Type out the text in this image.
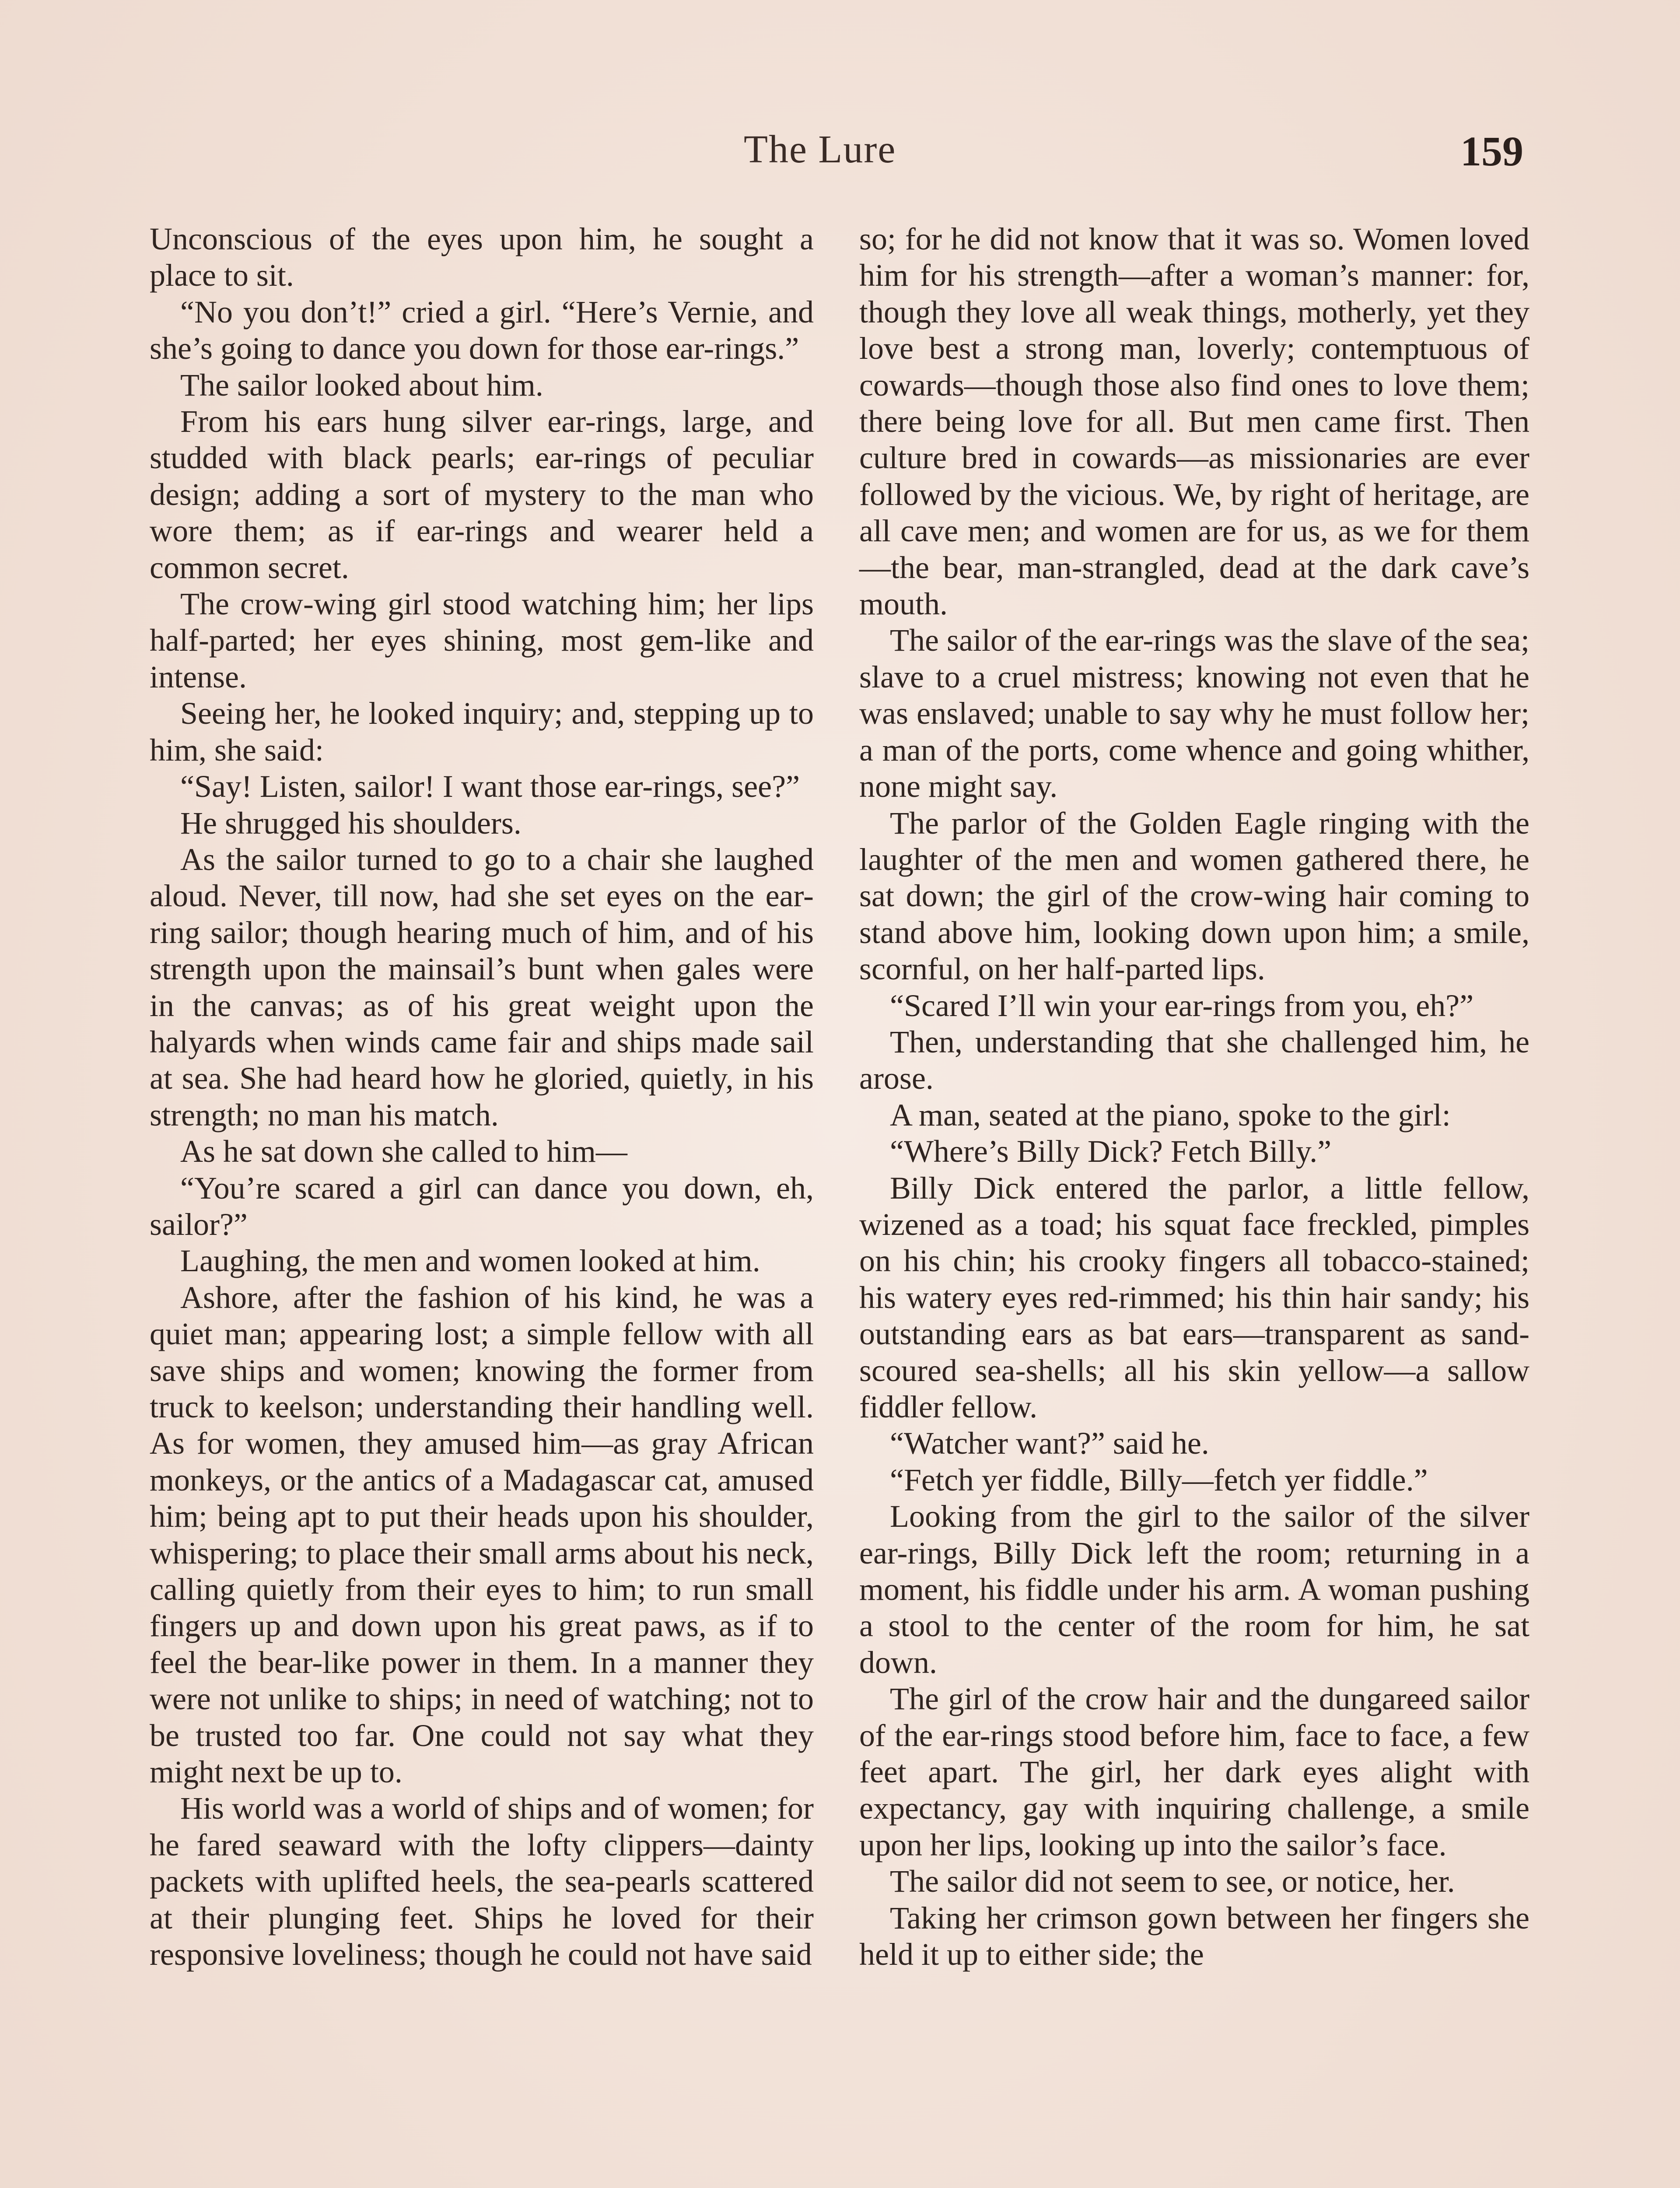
The Lure	159

Unconscious of the eyes upon him, he sought a place to sit.

“No you don’t!” cried a girl. “Here’s Vernie, and she’s going to dance you down for those ear-rings.”

The sailor looked about him.

From his ears hung silver ear-rings, large, and studded with black pearls; ear-rings of peculiar design; adding a sort of mystery to the man who wore them; as if ear-rings and wearer held a common secret.

The crow-wing girl stood watching him; her lips half-parted; her eyes shining, most gem-like and intense.

Seeing her, he looked inquiry; and, stepping up to him, she said:

“Say! Listen, sailor! I want those ear-rings, see?”

He shrugged his shoulders.

As the sailor turned to go to a chair she laughed aloud. Never, till now, had she set eyes on the ear-ring sailor; though hearing much of him, and of his strength upon the mainsail’s bunt when gales were in the canvas; as of his great weight upon the halyards when winds came fair and ships made sail at sea. She had heard how he gloried, quietly, in his strength; no man his match.

As he sat down she called to him—

“You’re scared a girl can dance you down, eh, sailor?”

Laughing, the men and women looked at him.

Ashore, after the fashion of his kind, he was a quiet man; appearing lost; a simple fellow with all save ships and women; knowing the former from truck to keelson; understanding their handling well. As for women, they amused him—as gray African monkeys, or the antics of a Madagascar cat, amused him; being apt to put their heads upon his shoulder, whispering; to place their small arms about his neck, calling quietly from their eyes to him; to run small fingers up and down upon his great paws, as if to feel the bear-like power in them. In a manner they were not unlike to ships; in need of watching; not to be trusted too far. One could not say what they might next be up to.

His world was a world of ships and of women; for he fared seaward with the lofty clippers—dainty packets with uplifted heels, the sea-pearls scattered at their plunging feet. Ships he loved for their responsive loveliness; though he could not have said

so; for he did not know that it was so. Women loved him for his strength—after a woman’s manner: for, though they love all weak things, motherly, yet they love best a strong man, loverly; contemptuous of cowards—though those also find ones to love them; there being love for all. But men came first. Then culture bred in cowards—as missionaries are ever followed by the vicious. We, by right of heritage, are all cave men; and women are for us, as we for them—the bear, man-strangled, dead at the dark cave’s mouth.

The sailor of the ear-rings was the slave of the sea; slave to a cruel mistress; knowing not even that he was enslaved; unable to say why he must follow her; a man of the ports, come whence and going whither, none might say.

The parlor of the Golden Eagle ringing with the laughter of the men and women gathered there, he sat down; the girl of the crow-wing hair coming to stand above him, looking down upon him; a smile, scornful, on her half-parted lips.

“Scared I’ll win your ear-rings from you, eh?”

Then, understanding that she challenged him, he arose.

A man, seated at the piano, spoke to the girl:

“Where’s Billy Dick? Fetch Billy.”

Billy Dick entered the parlor, a little fellow, wizened as a toad; his squat face freckled, pimples on his chin; his crooky fingers all tobacco-stained; his watery eyes red-rimmed; his thin hair sandy; his outstanding ears as bat ears—transparent as sand-scoured sea-shells; all his skin yellow—a sallow fiddler fellow.

“Watcher want?” said he.

“Fetch yer fiddle, Billy—fetch yer fiddle.”

Looking from the girl to the sailor of the silver ear-rings, Billy Dick left the room; returning in a moment, his fiddle under his arm. A woman pushing a stool to the center of the room for him, he sat down.

The girl of the crow hair and the dungareed sailor of the ear-rings stood before him, face to face, a few feet apart. The girl, her dark eyes alight with expectancy, gay with inquiring challenge, a smile upon her lips, looking up into the sailor’s face.

The sailor did not seem to see, or notice, her.

Taking her crimson gown between her fingers she held it up to either side; the
